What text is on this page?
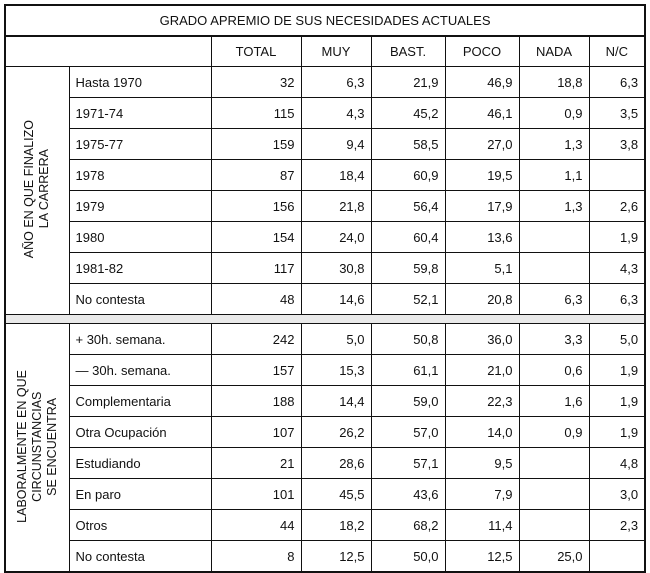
GRADO APREMIO DE SUS NECESIDADES ACTUALES							
		TOTAL	MUY	BAST.	POCO	NADA	N/C
AÑO EN QUE FINALIZO
LA CARRERA	Hasta 1970	32	6,3	21,9	46,9	18,8	6,3
	1971-74	115	4,3	45,2	46,1	0,9	3,5
	1975-77	159	9,4	58,5	27,0	1,3	3,8
	1978	87	18,4	60,9	19,5	1,1	
	1979	156	21,8	56,4	17,9	1,3	2,6
	1980	154	24,0	60,4	13,6		1,9
	1981-82	117	30,8	59,8	5,1		4,3
	No contesta	48	14,6	52,1	20,8	6,3	6,3

LABORALMENTE EN QUE
CIRCUNSTANCIAS
SE ENCUENTRA	+ 30h. semana.	242	5,0	50,8	36,0	3,3	5,0
	— 30h. semana.	157	15,3	61,1	21,0	0,6	1,9
	Complementaria	188	14,4	59,0	22,3	1,6	1,9
	Otra Ocupación	107	26,2	57,0	14,0	0,9	1,9
	Estudiando	21	28,6	57,1	9,5		4,8
	En paro	101	45,5	43,6	7,9		3,0
	Otros	44	18,2	68,2	11,4		2,3
	No contesta	8	12,5	50,0	12,5	25,0	
